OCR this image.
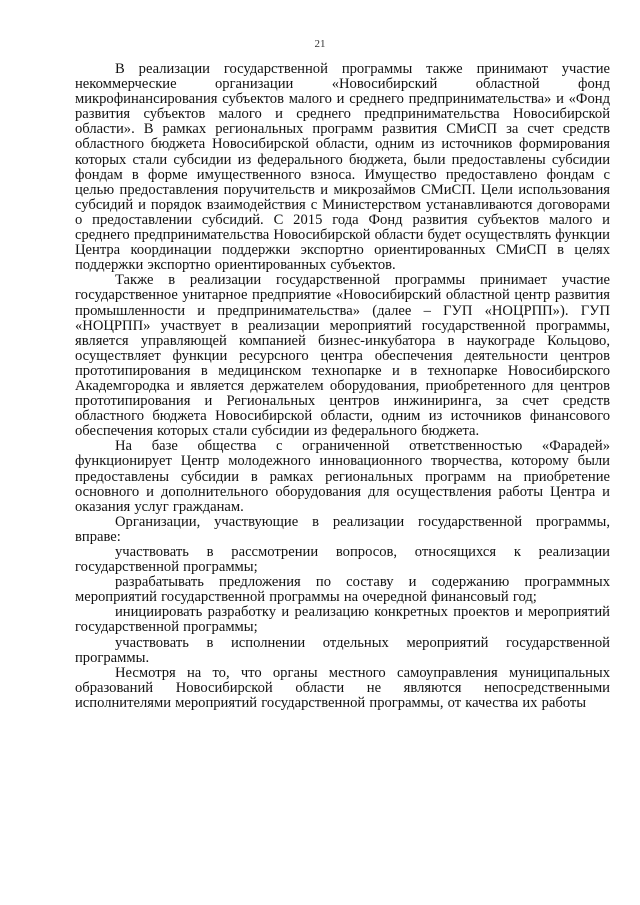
21

В реализации государственной программы также принимают участие некоммерческие организации «Новосибирский областной фонд микрофинансирования субъектов малого и среднего предпринимательства» и «Фонд развития субъектов малого и среднего предпринимательства Новосибирской области». В рамках региональных программ развития СМиСП за счет средств областного бюджета Новосибирской области, одним из источников формирования которых стали субсидии из федерального бюджета, были предоставлены субсидии фондам в форме имущественного взноса. Имущество предоставлено фондам с целью предоставления поручительств и микрозаймов СМиСП. Цели использования субсидий и порядок взаимодействия с Министерством устанавливаются договорами о предоставлении субсидий. С 2015 года Фонд развития субъектов малого и среднего предпринимательства Новосибирской области будет осуществлять функции Центра координации поддержки экспортно ориентированных СМиСП в целях поддержки экспортно ориентированных субъектов.

Также в реализации государственной программы принимает участие государственное унитарное предприятие «Новосибирский областной центр развития промышленности и предпринимательства» (далее – ГУП «НОЦРПП»). ГУП «НОЦРПП» участвует в реализации мероприятий государственной программы, является управляющей компанией бизнес-инкубатора в наукограде Кольцово, осуществляет функции ресурсного центра обеспечения деятельности центров прототипирования в медицинском технопарке и в технопарке Новосибирского Академгородка и является держателем оборудования, приобретенного для центров прототипирования и Региональных центров инжиниринга, за счет средств областного бюджета Новосибирской области, одним из источников финансового обеспечения которых стали субсидии из федерального бюджета.

На базе общества с ограниченной ответственностью «Фарадей» функционирует Центр молодежного инновационного творчества, которому были предоставлены субсидии в рамках региональных программ на приобретение основного и дополнительного оборудования для осуществления работы Центра и оказания услуг гражданам.

Организации, участвующие в реализации государственной программы, вправе:

участвовать в рассмотрении вопросов, относящихся к реализации государственной программы;

разрабатывать предложения по составу и содержанию программных мероприятий государственной программы на очередной финансовый год;

инициировать разработку и реализацию конкретных проектов и мероприятий государственной программы;

участвовать в исполнении отдельных мероприятий государственной программы.

Несмотря на то, что органы местного самоуправления муниципальных образований Новосибирской области не являются непосредственными исполнителями мероприятий государственной программы, от качества их работы
